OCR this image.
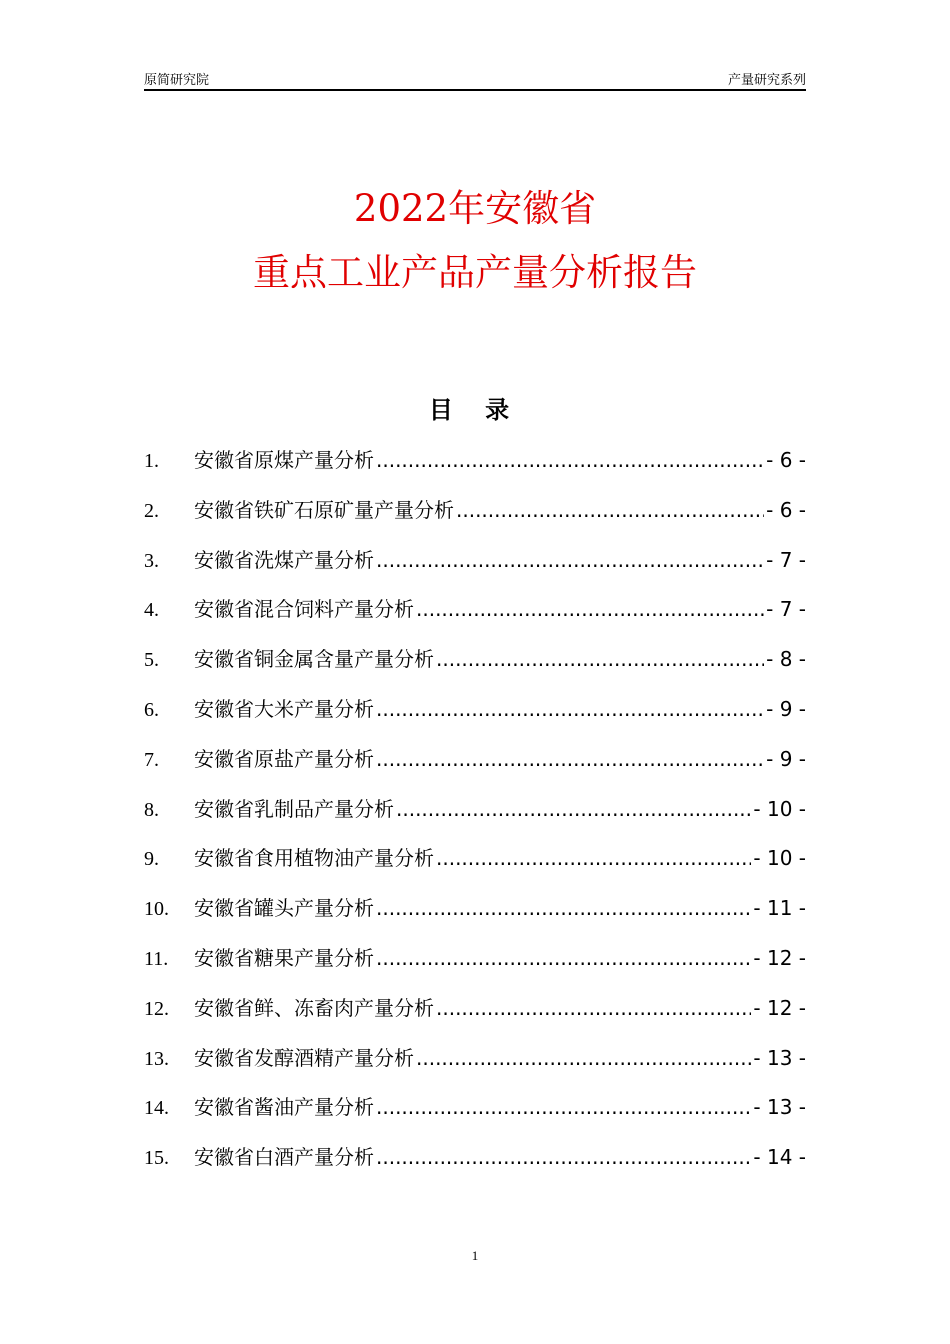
原简研究院	产量研究系列
2022年安徽省
重点工业产品产量分析报告
目 录
1.	安徽省原煤产量分析 .....	- 6 -
2.	安徽省铁矿石原矿量产量分析 .....	- 6 -
3.	安徽省洗煤产量分析 .....	- 7 -
4.	安徽省混合饲料产量分析 .....	- 7 -
5.	安徽省铜金属含量产量分析 .....	- 8 -
6.	安徽省大米产量分析 .....	- 9 -
7.	安徽省原盐产量分析 .....	- 9 -
8.	安徽省乳制品产量分析 .....	- 10 -
9.	安徽省食用植物油产量分析 .....	- 10 -
10.	安徽省罐头产量分析 .....	- 11 -
11.	安徽省糖果产量分析 .....	- 12 -
12.	安徽省鲜、冻畜肉产量分析 .....	- 12 -
13.	安徽省发醇酒精产量分析 .....	- 13 -
14.	安徽省酱油产量分析 .....	- 13 -
15.	安徽省白酒产量分析 .....	- 14 -
1
